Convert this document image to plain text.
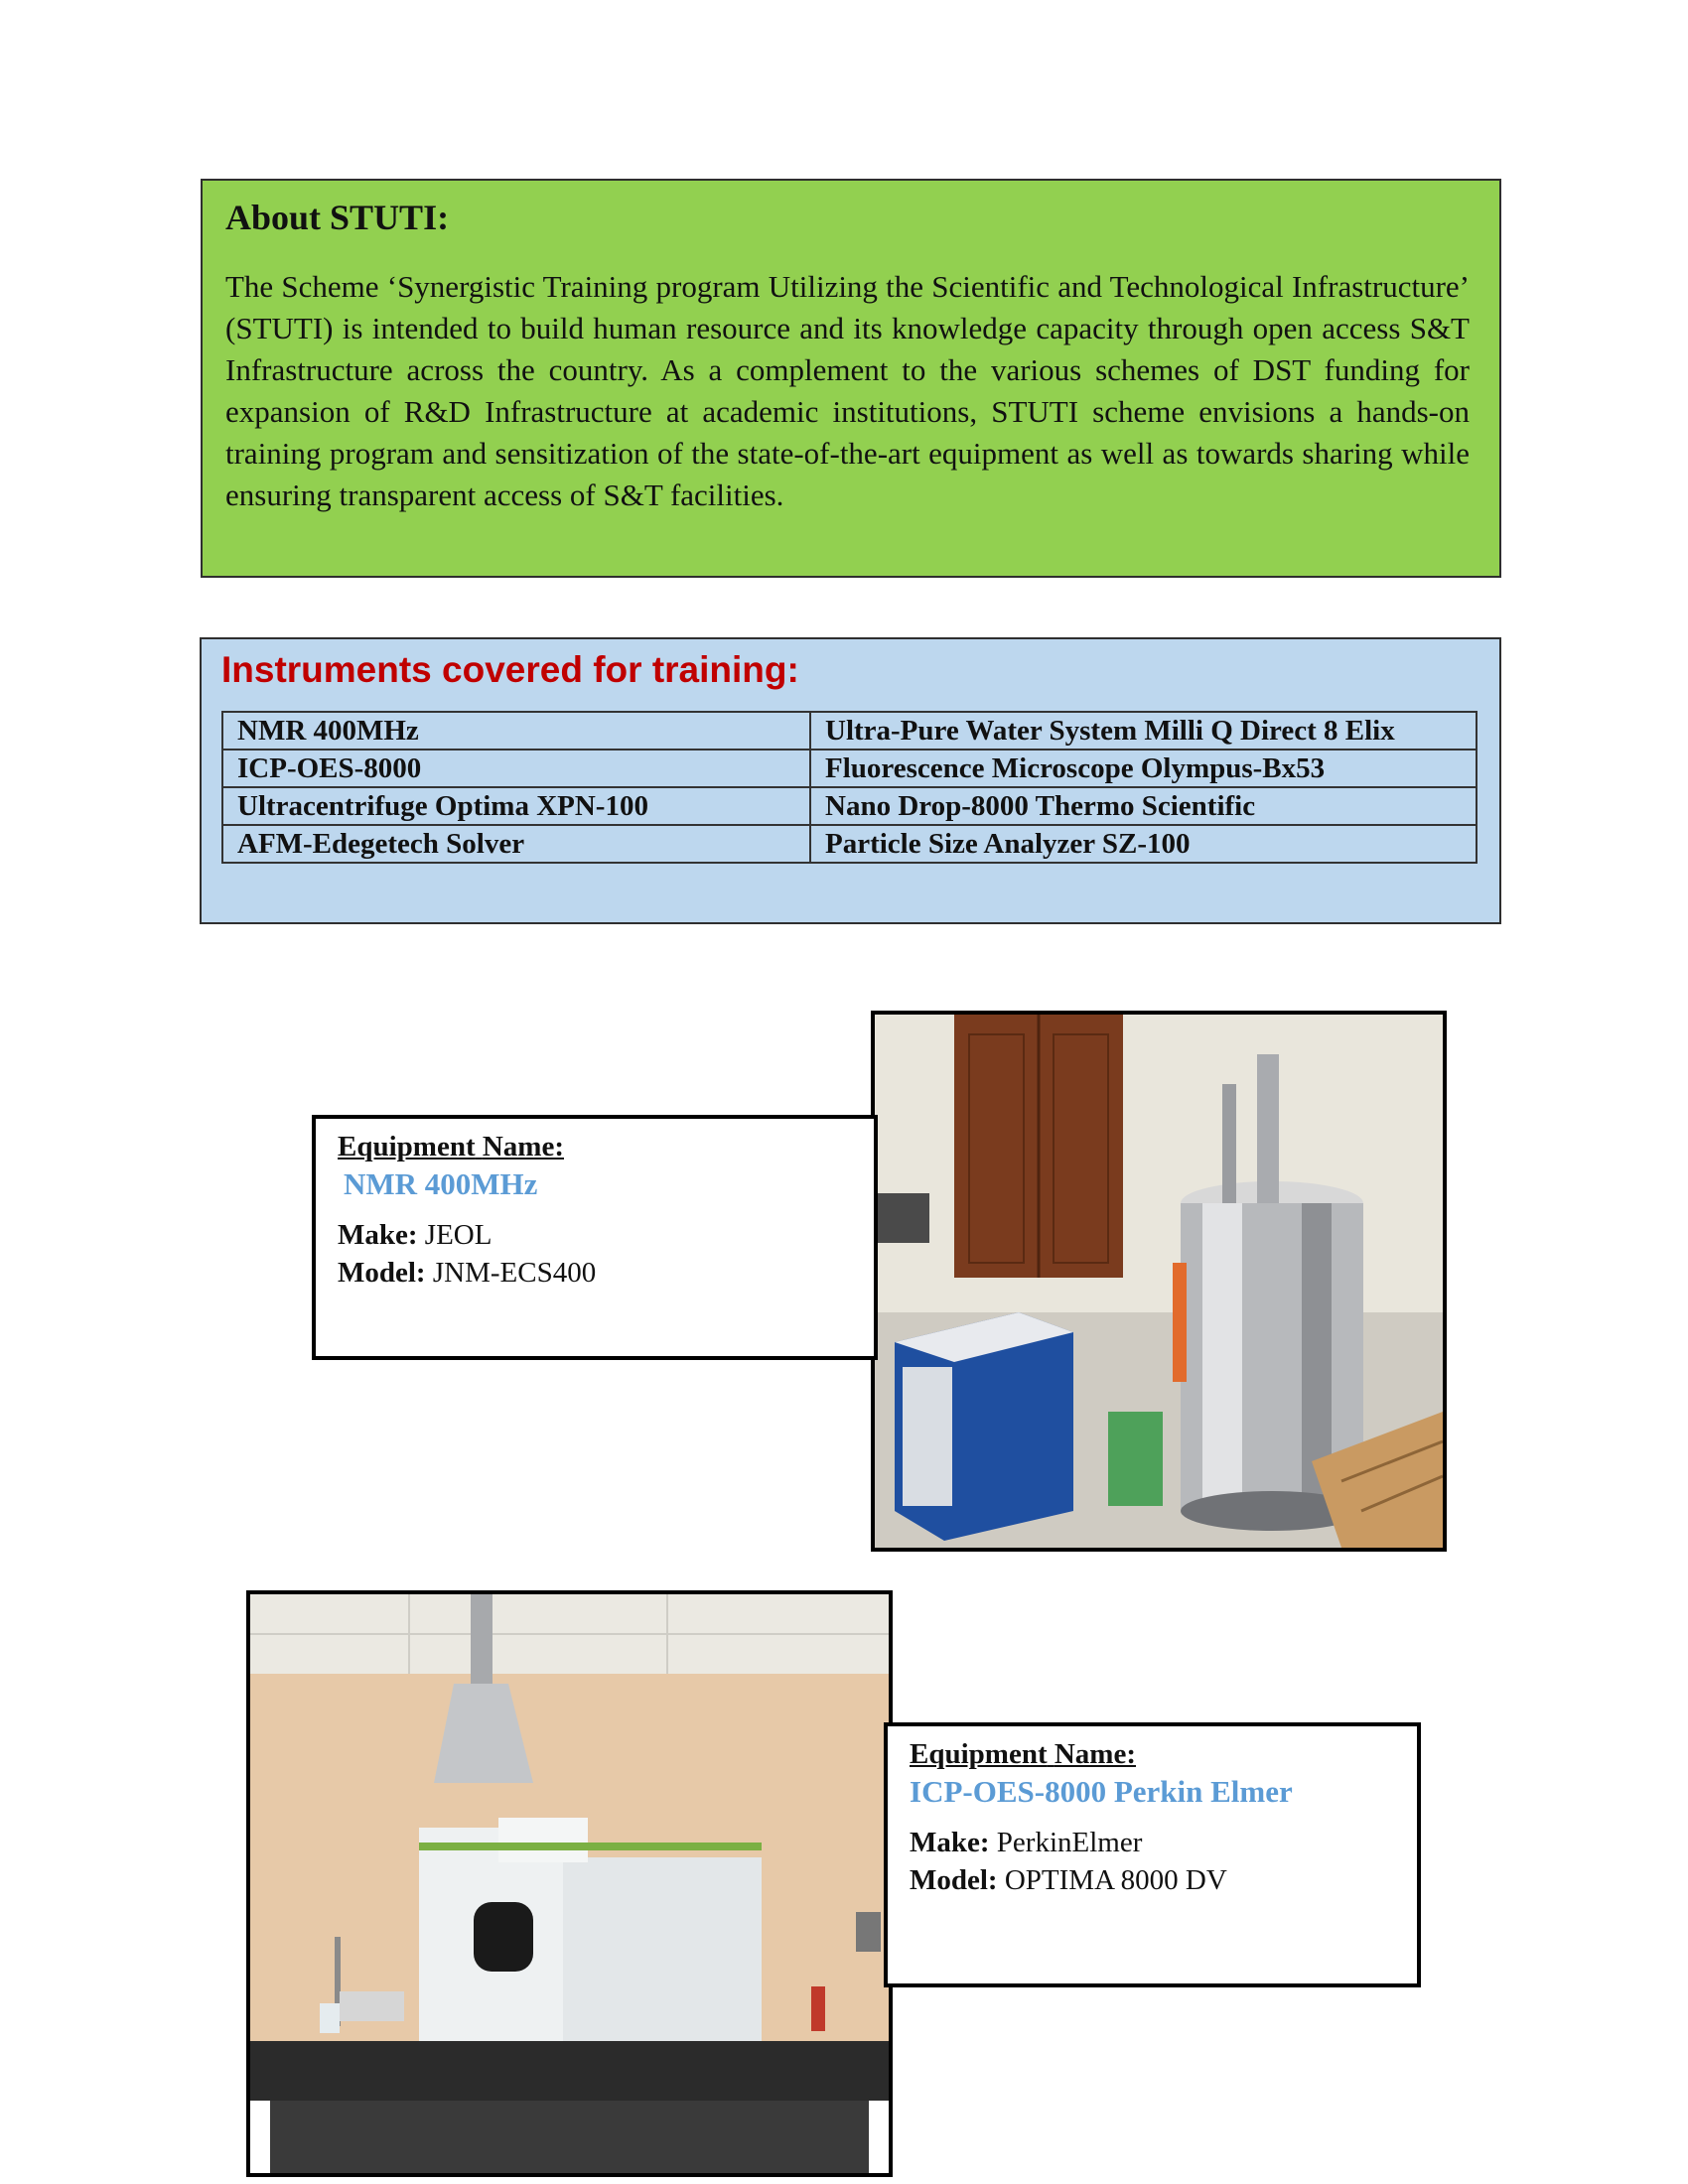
About STUTI:

The Scheme ‘Synergistic Training program Utilizing the Scientific and Technological Infrastructure’ (STUTI) is intended to build human resource and its knowledge capacity through open access S&T Infrastructure across the country. As a complement to the various schemes of DST funding for expansion of R&D Infrastructure at academic institutions, STUTI scheme envisions a hands-on training program and sensitization of the state-of-the-art equipment as well as towards sharing while ensuring transparent access of S&T facilities.

Instruments covered for training:
NMR 400MHz	Ultra-Pure Water System Milli Q Direct 8 Elix
ICP-OES-8000	Fluorescence Microscope Olympus-Bx53
Ultracentrifuge Optima XPN-100	Nano Drop-8000 Thermo Scientific
AFM-Edegetech Solver	Particle Size Analyzer SZ-100
Equipment Name:
NMR 400MHz
Make: JEOL
Model: JNM-ECS400
Equipment Name:
ICP-OES-8000 Perkin Elmer
Make: PerkinElmer
Model: OPTIMA 8000 DV
